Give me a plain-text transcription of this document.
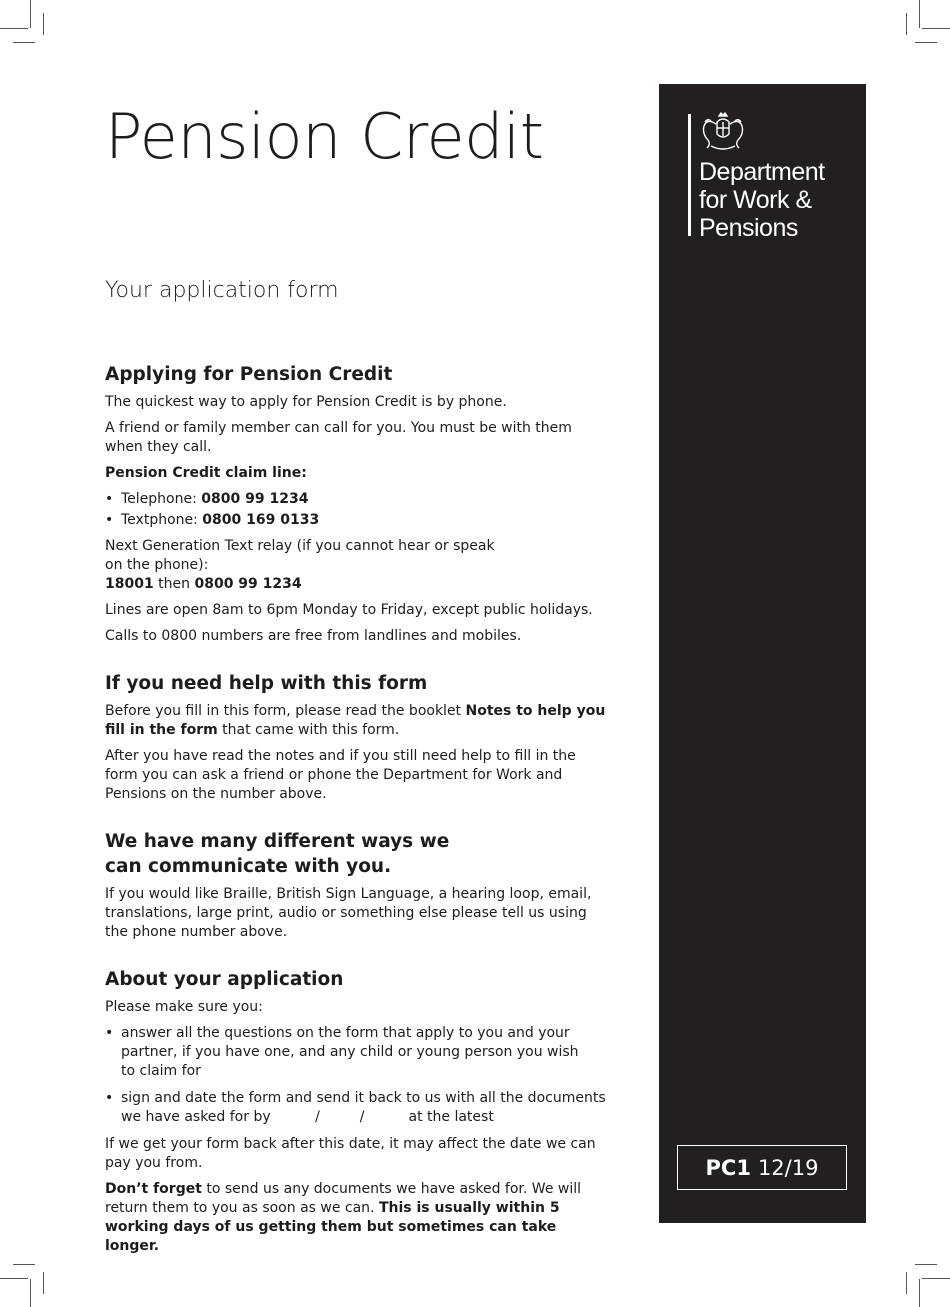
Pension Credit
Your application form
Applying for Pension Credit

The quickest way to apply for Pension Credit is by phone.

A friend or family member can call for you. You must be with them when they call.

Pension Credit claim line:

• Telephone: 0800 99 1234
• Textphone: 0800 169 0133

Next Generation Text relay (if you cannot hear or speak on the phone):

18001 then 0800 99 1234

Lines are open 8am to 6pm Monday to Friday, except public holidays.

Calls to 0800 numbers are free from landlines and mobiles.

If you need help with this form

Before you fill in this form, please read the booklet Notes to help you fill in the form that came with this form.

After you have read the notes and if you still need help to fill in the form you can ask a friend or phone the Department for Work and Pensions on the number above.

We have many different ways we can communicate with you.

If you would like Braille, British Sign Language, a hearing loop, email, translations, large print, audio or something else please tell us using the phone number above.

About your application

Please make sure you:

• answer all the questions on the form that apply to you and your partner, if you have one, and any child or young person you wish to claim for
• sign and date the form and send it back to us with all the documents we have asked for by	/	/	at the latest

If we get your form back after this date, it may affect the date we can pay you from.

Don’t forget to send us any documents we have asked for. We will return them to you as soon as we can. This is usually within 5 working days of us getting them but sometimes can take longer.

Department
for Work &
Pensions
PC1 12/19
